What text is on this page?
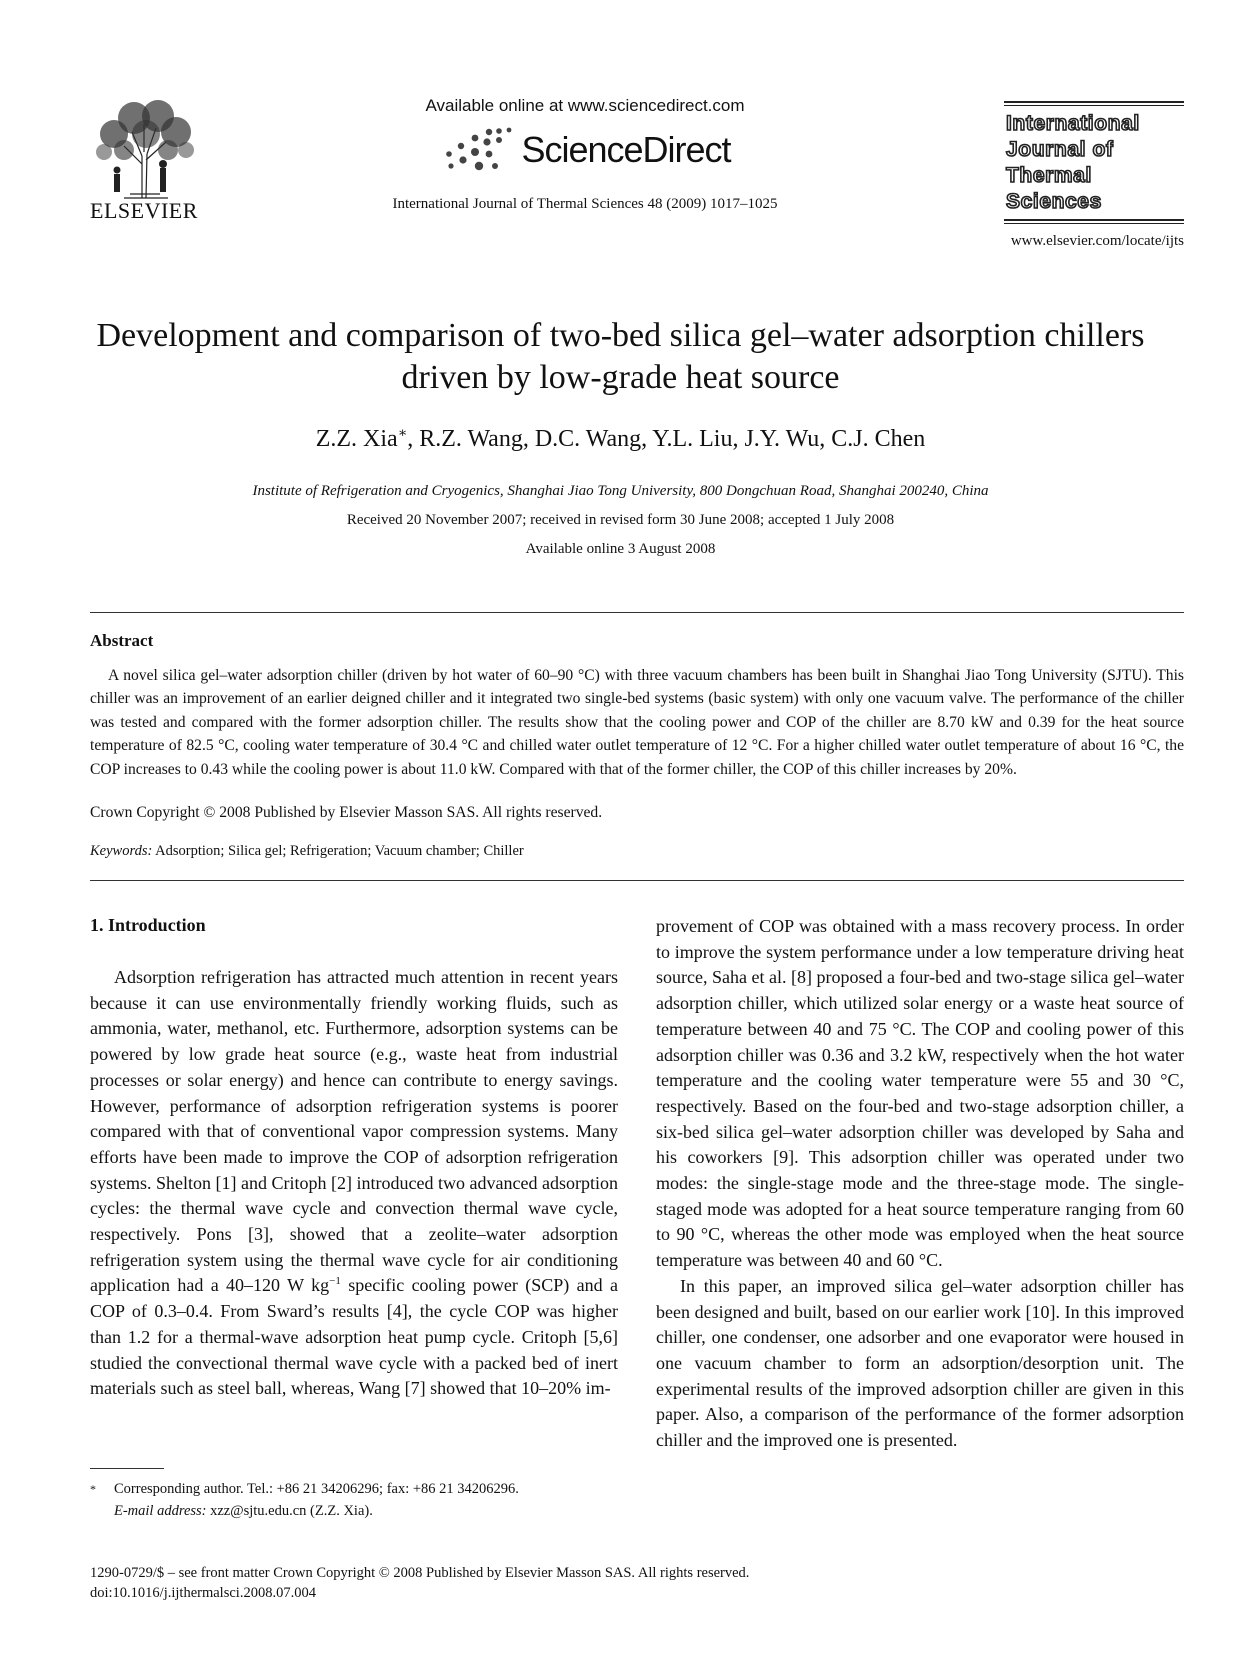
ELSEVIER
Available online at www.sciencedirect.com
ScienceDirect
International Journal of Thermal Sciences 48 (2009) 1017–1025
International
Journal of
Thermal
Sciences
www.elsevier.com/locate/ijts
Development and comparison of two-bed silica gel–water adsorption chillers
driven by low-grade heat source
Z.Z. Xia∗, R.Z. Wang, D.C. Wang, Y.L. Liu, J.Y. Wu, C.J. Chen
Institute of Refrigeration and Cryogenics, Shanghai Jiao Tong University, 800 Dongchuan Road, Shanghai 200240, China
Received 20 November 2007; received in revised form 30 June 2008; accepted 1 July 2008
Available online 3 August 2008
Abstract

A novel silica gel–water adsorption chiller (driven by hot water of 60–90 °C) with three vacuum chambers has been built in Shanghai Jiao Tong University (SJTU). This chiller was an improvement of an earlier deigned chiller and it integrated two single-bed systems (basic system) with only one vacuum valve. The performance of the chiller was tested and compared with the former adsorption chiller. The results show that the cooling power and COP of the chiller are 8.70 kW and 0.39 for the heat source temperature of 82.5 °C, cooling water temperature of 30.4 °C and chilled water outlet temperature of 12 °C. For a higher chilled water outlet temperature of about 16 °C, the COP increases to 0.43 while the cooling power is about 11.0 kW. Compared with that of the former chiller, the COP of this chiller increases by 20%.

Crown Copyright © 2008 Published by Elsevier Masson SAS. All rights reserved.
Keywords: Adsorption; Silica gel; Refrigeration; Vacuum chamber; Chiller
1. Introduction

Adsorption refrigeration has attracted much attention in recent years because it can use environmentally friendly working fluids, such as ammonia, water, methanol, etc. Furthermore, adsorption systems can be powered by low grade heat source (e.g., waste heat from industrial processes or solar energy) and hence can contribute to energy savings. However, performance of adsorption refrigeration systems is poorer compared with that of conventional vapor compression systems. Many efforts have been made to improve the COP of adsorption refrigeration systems. Shelton [1] and Critoph [2] introduced two advanced adsorption cycles: the thermal wave cycle and convection thermal wave cycle, respectively. Pons [3], showed that a zeolite–water adsorption refrigeration system using the thermal wave cycle for air conditioning application had a 40–120 W $kg^{-1}$ specific cooling power (SCP) and a COP of 0.3–0.4. From Sward’s results [4], the cycle COP was higher than 1.2 for a thermal-wave adsorption heat pump cycle. Critoph [5,6] studied the convectional thermal wave cycle with a packed bed of inert materials such as steel ball, whereas, Wang [7] showed that 10–20% im-

provement of COP was obtained with a mass recovery process. In order to improve the system performance under a low temperature driving heat source, Saha et al. [8] proposed a four-bed and two-stage silica gel–water adsorption chiller, which utilized solar energy or a waste heat source of temperature between 40 and 75 °C. The COP and cooling power of this adsorption chiller was 0.36 and 3.2 kW, respectively when the hot water temperature and the cooling water temperature were 55 and 30 °C, respectively. Based on the four-bed and two-stage adsorption chiller, a six-bed silica gel–water adsorption chiller was developed by Saha and his coworkers [9]. This adsorption chiller was operated under two modes: the single-stage mode and the three-stage mode. The single-staged mode was adopted for a heat source temperature ranging from 60 to 90 °C, whereas the other mode was employed when the heat source temperature was between 40 and 60 °C.

In this paper, an improved silica gel–water adsorption chiller has been designed and built, based on our earlier work [10]. In this improved chiller, one condenser, one adsorber and one evaporator were housed in one vacuum chamber to form an adsorption/desorption unit. The experimental results of the improved adsorption chiller are given in this paper. Also, a comparison of the performance of the former adsorption chiller and the improved one is presented.

* Corresponding author. Tel.: +86 21 34206296; fax: +86 21 34206296.
E-mail address: xzz@sjtu.edu.cn (Z.Z. Xia).
1290-0729/$ – see front matter Crown Copyright © 2008 Published by Elsevier Masson SAS. All rights reserved.
doi:10.1016/j.ijthermalsci.2008.07.004
